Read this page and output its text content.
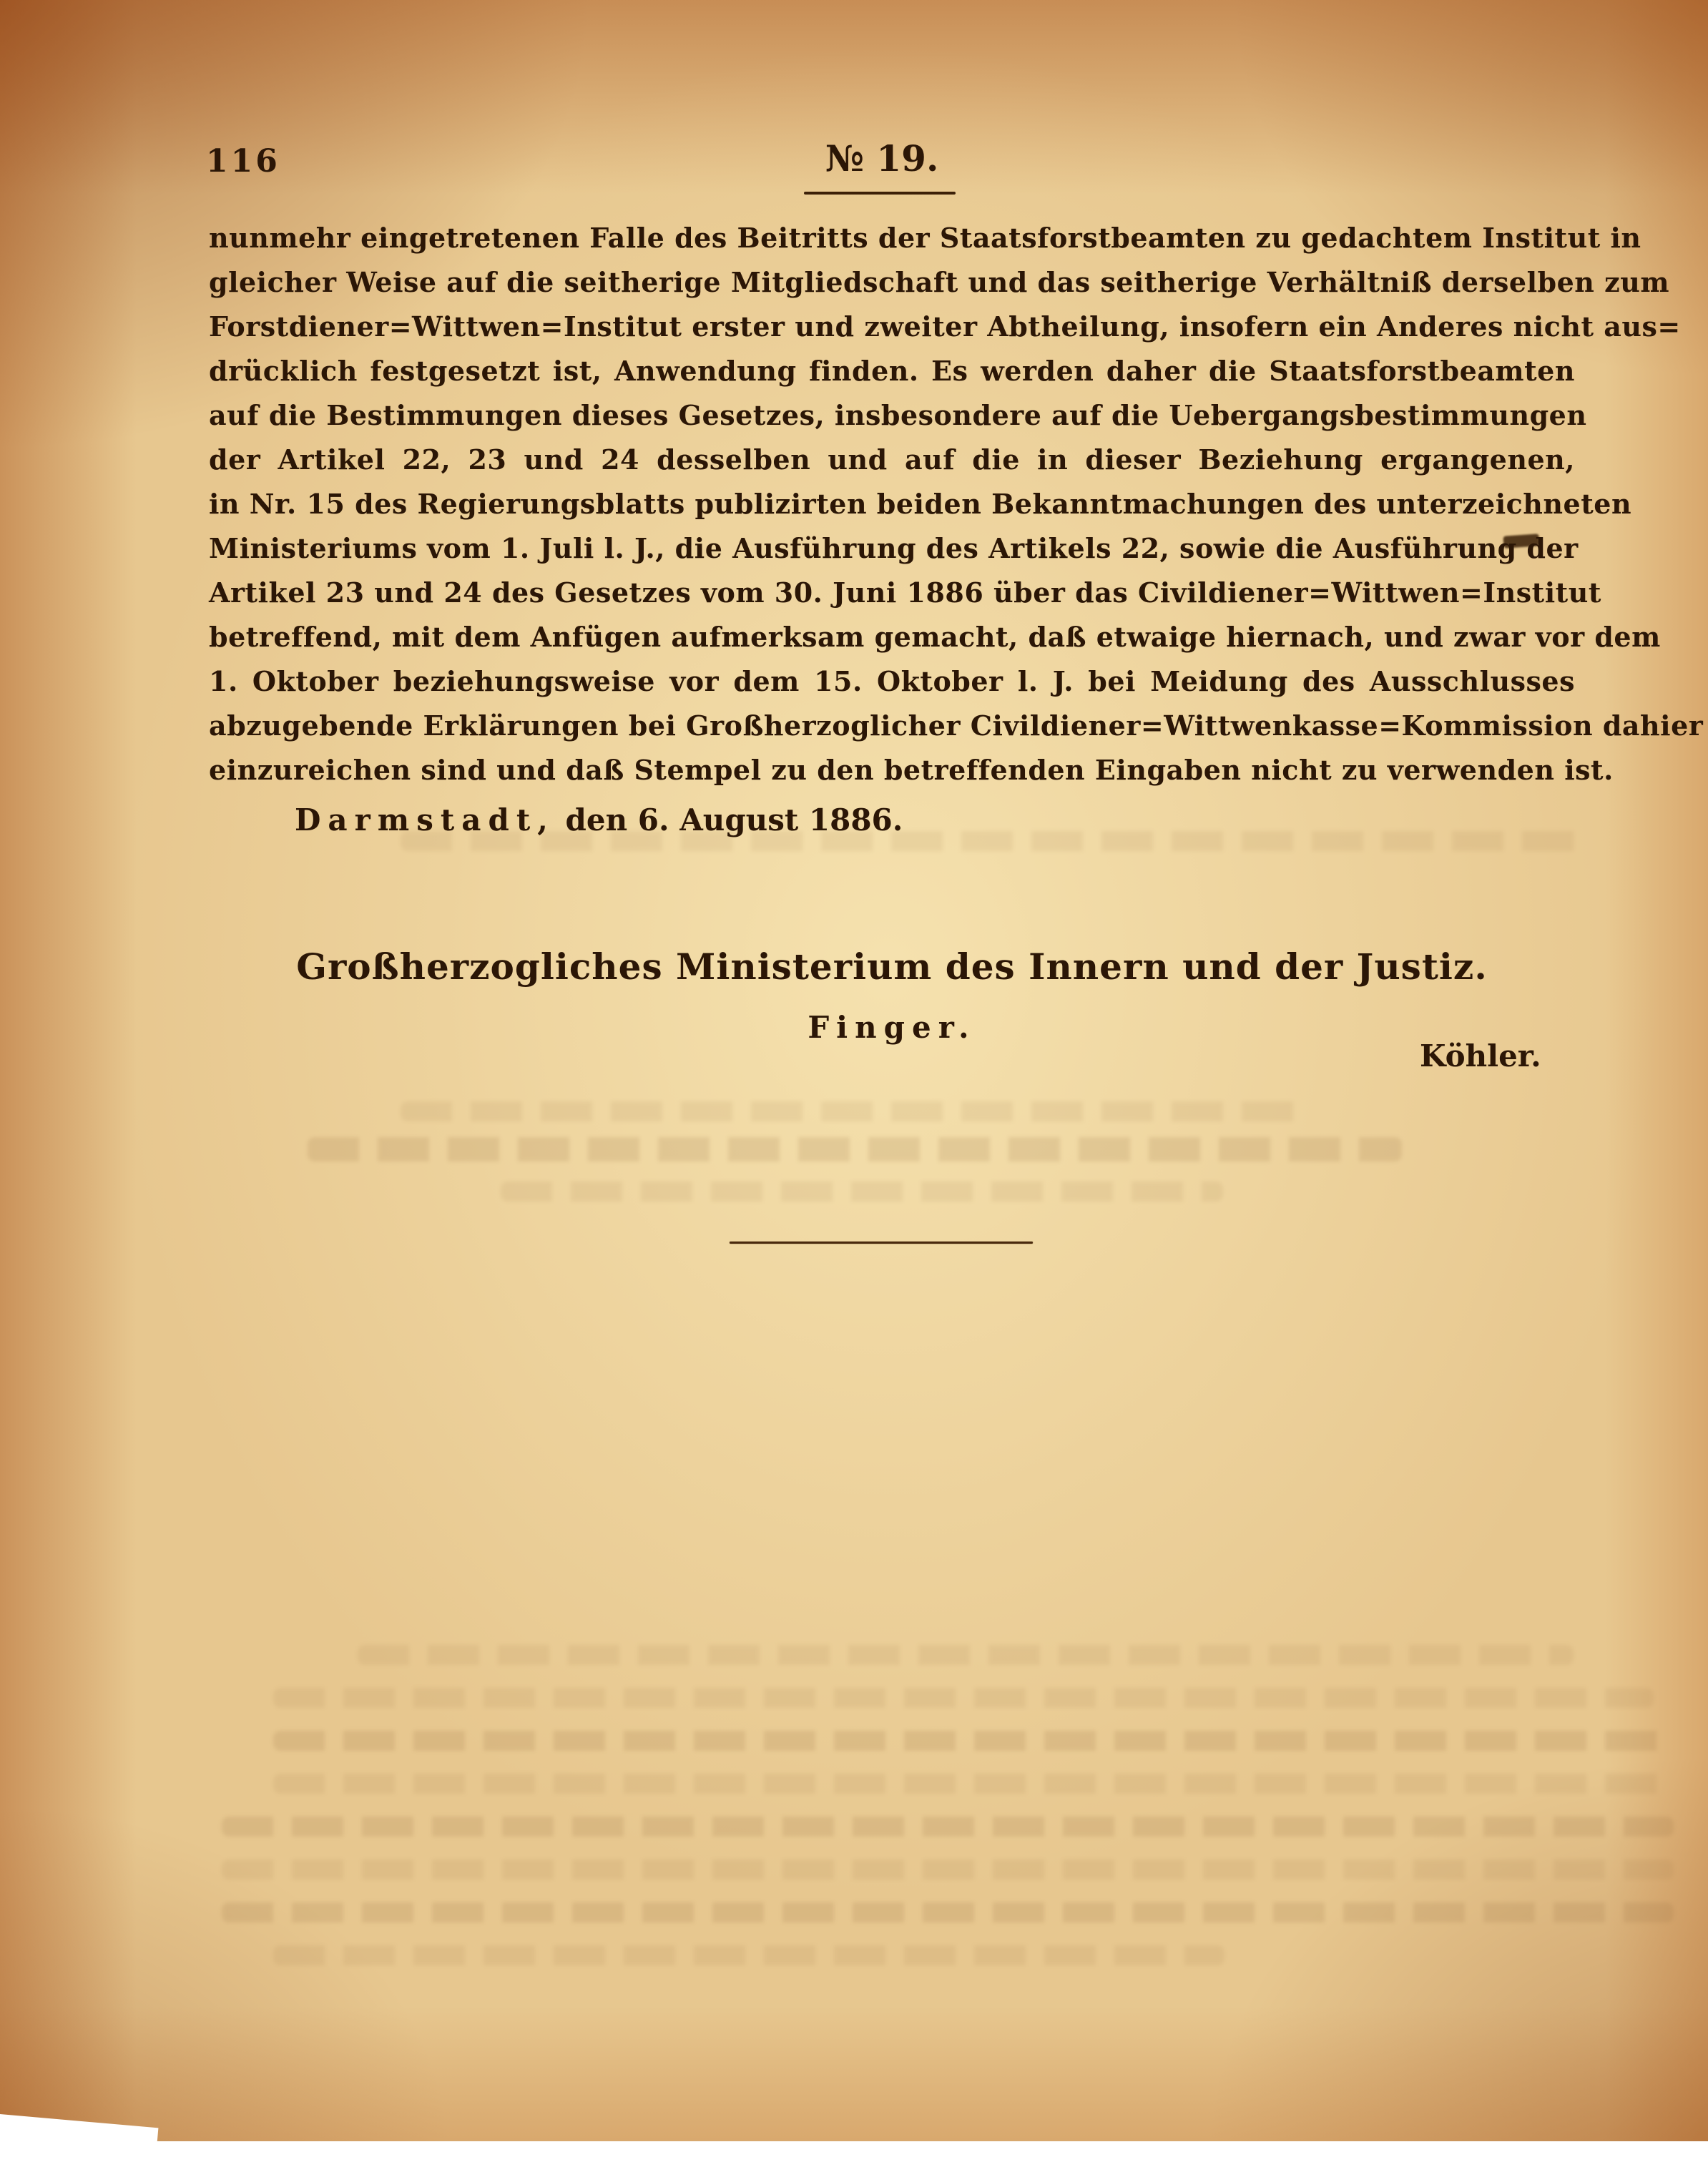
116	№ 19.
nunmehr eingetretenen Falle des Beitritts der Staatsforstbeamten zu gedachtem Institut in
gleicher Weise auf die seitherige Mitgliedschaft und das seitherige Verhältniß derselben zum
Forstdiener=Wittwen=Institut erster und zweiter Abtheilung, insofern ein Anderes nicht aus=
drücklich festgesetzt ist, Anwendung finden. Es werden daher die Staatsforstbeamten
auf die Bestimmungen dieses Gesetzes, insbesondere auf die Uebergangsbestimmungen
der Artikel 22, 23 und 24 desselben und auf die in dieser Beziehung ergangenen,
in Nr. 15 des Regierungsblatts publizirten beiden Bekanntmachungen des unterzeichneten
Ministeriums vom 1. Juli l. J., die Ausführung des Artikels 22, sowie die Ausführung der
Artikel 23 und 24 des Gesetzes vom 30. Juni 1886 über das Civildiener=Wittwen=Institut
betreffend, mit dem Anfügen aufmerksam gemacht, daß etwaige hiernach, und zwar vor dem
1. Oktober beziehungsweise vor dem 15. Oktober l. J. bei Meidung des Ausschlusses
abzugebende Erklärungen bei Großherzoglicher Civildiener=Wittwenkasse=Kommission dahier
einzureichen sind und daß Stempel zu den betreffenden Eingaben nicht zu verwenden ist.
Darmstadt, den 6. August 1886.
Großherzogliches Ministerium des Innern und der Justiz.
Finger.
Köhler.
